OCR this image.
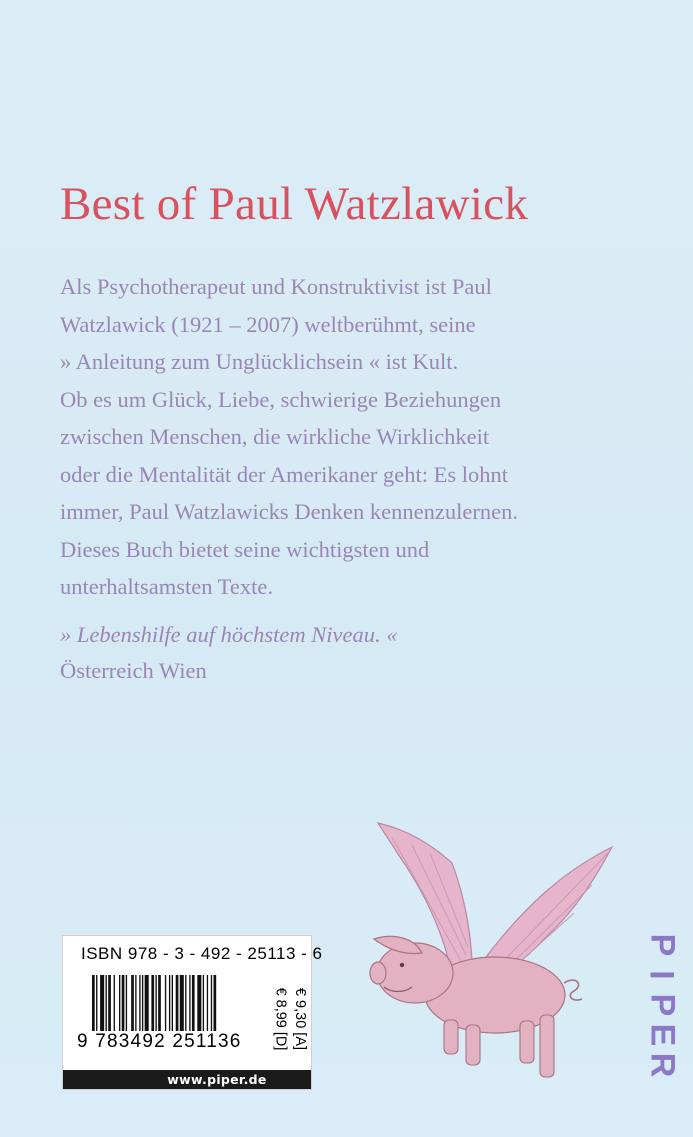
Best of Paul Watzlawick

Als Psychotherapeut und Konstruktivist ist Paul
Watzlawick (1921 – 2007) weltberühmt, seine
» Anleitung zum Unglücklichsein « ist Kult.
Ob es um Glück, Liebe, schwierige Beziehungen
zwischen Menschen, die wirkliche Wirklichkeit
oder die Mentalität der Amerikaner geht: Es lohnt
immer, Paul Watzlawicks Denken kennenzulernen.
Dieses Buch bietet seine wichtigsten und
unterhaltsamsten Texte.

» Lebenshilfe auf höchstem Niveau. «

Österreich Wien

P
I
P
E
R

ISBN 978 - 3 - 492 - 25113 - 6

9 783492 251136 € 8,99 [D] € 9,30 [A]
www.piper.de
